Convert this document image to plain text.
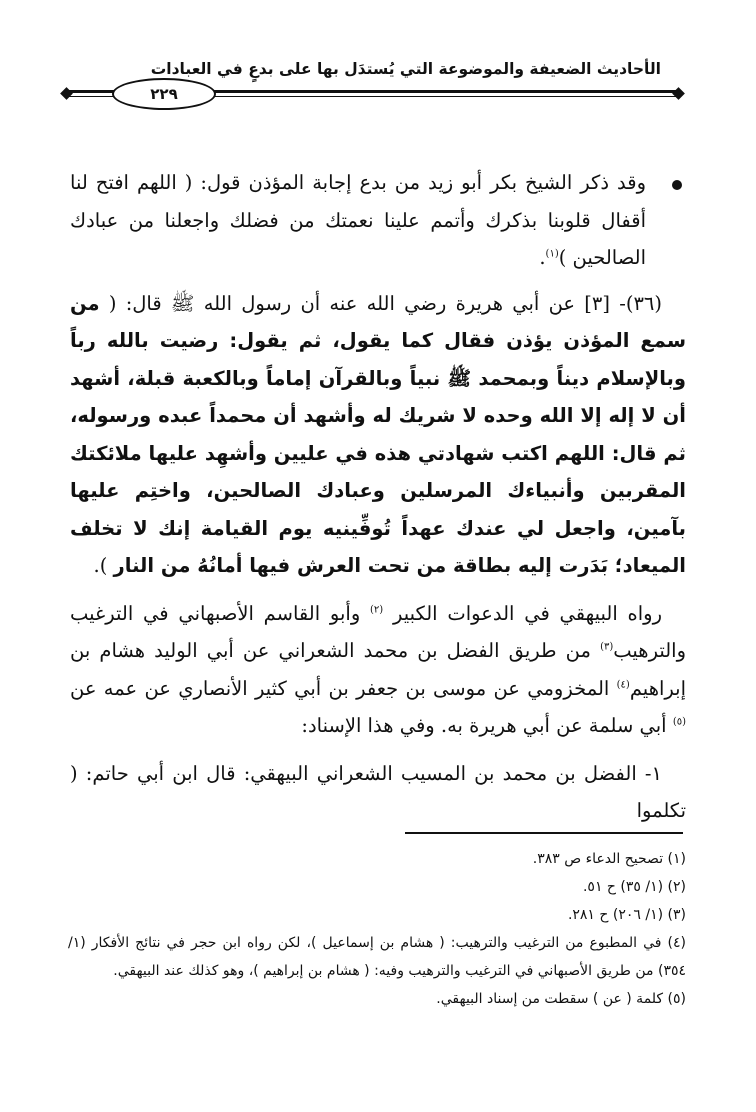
الأحاديث الضعيفة والموضوعة التي يُستدَل بها على بدعٍ في العبادات
٢٢٩

وقد ذكر الشيخ بكر أبو زيد من بدع إجابة المؤذن قول: ( اللهم افتح لنا أقفال قلوبنا بذكرك وأتمم علينا نعمتك من فضلك واجعلنا من عبادك الصالحين )$^{(١)}$.

(٣٦)- [٣] عن أبي هريرة رضي الله عنه أن رسول الله ﷺ قال: ( من سمع المؤذن يؤذن فقال كما يقول، ثم يقول: رضيت بالله رباً وبالإسلام ديناً وبمحمد ﷺ نبياً وبالقرآن إماماً وبالكعبة قبلة، أشهد أن لا إله إلا الله وحده لا شريك له وأشهد أن محمداً عبده ورسوله، ثم قال: اللهم اكتب شهادتي هذه في عليين وأشهِد عليها ملائكتك المقربين وأنبياءك المرسلين وعبادك الصالحين، واختِم عليها بآمين، واجعل لي عندك عهداً تُوفِّينيه يوم القيامة إنك لا تخلف الميعاد؛ بَدَرت إليه بطاقة من تحت العرش فيها أمانُهُ من النار ).

رواه البيهقي في الدعوات الكبير $^{(٢)}$ وأبو القاسم الأصبهاني في الترغيب والترهيب$^{(٣)}$ من طريق الفضل بن محمد الشعراني عن أبي الوليد هشام بن إبراهيم$^{(٤)}$ المخزومي عن موسى بن جعفر بن أبي كثير الأنصاري عن عمه عن $^{(٥)}$ أبي سلمة عن أبي هريرة به. وفي هذا الإسناد:

١- الفضل بن محمد بن المسيب الشعراني البيهقي: قال ابن أبي حاتم: ( تكلموا

(١) تصحيح الدعاء ص ٣٨٣.

(٢) (١/ ٣٥) ح ٥١.

(٣) (١/ ٢٠٦) ح ٢٨١.

(٤) في المطبوع من الترغيب والترهيب: ( هشام بن إسماعيل )، لكن رواه ابن حجر في نتائج الأفكار (١/ ٣٥٤) من طريق الأصبهاني في الترغيب والترهيب وفيه: ( هشام بن إبراهيم )، وهو كذلك عند البيهقي.

(٥) كلمة ( عن ) سقطت من إسناد البيهقي.
